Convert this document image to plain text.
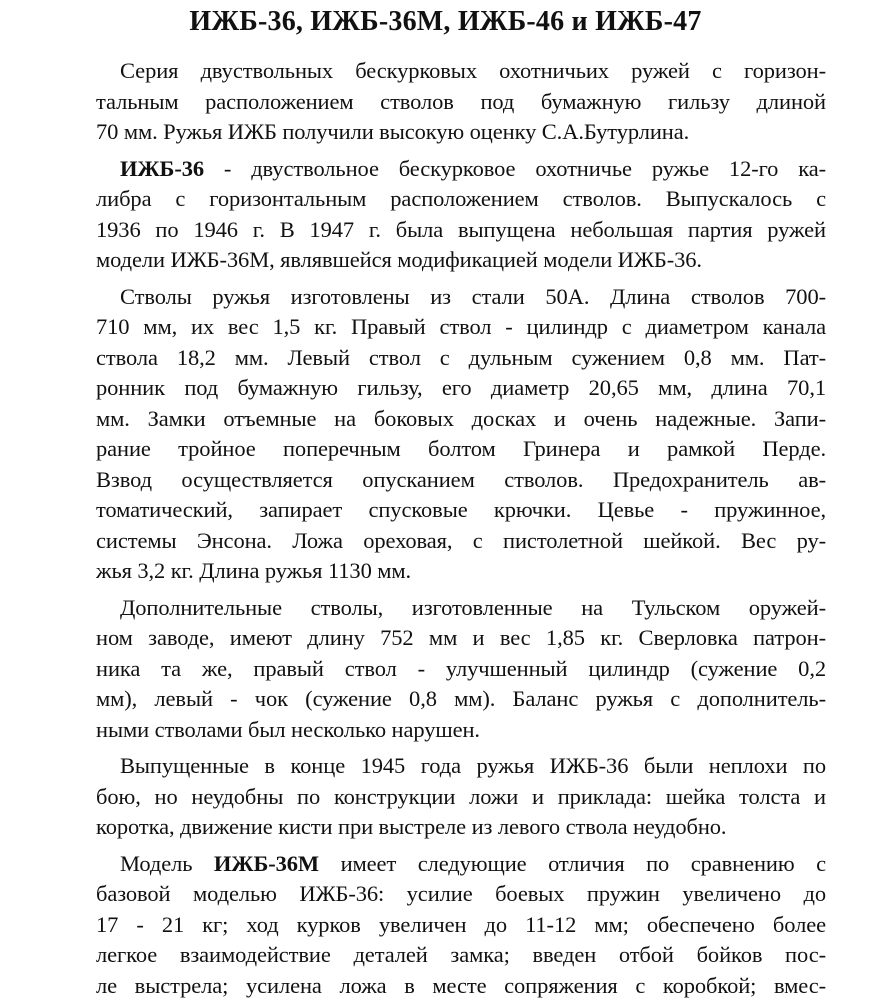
ИЖБ-36, ИЖБ-36М, ИЖБ-46 и ИЖБ-47
Серия двуствольных бескурковых охотничьих ружей с горизон-
тальным расположением стволов под бумажную гильзу длиной
70 мм. Ружья ИЖБ получили высокую оценку С.А.Бутурлина.
ИЖБ-36 - двуствольное бескурковое охотничье ружье 12-го ка-
либра с горизонтальным расположением стволов. Выпускалось с
1936 по 1946 г. В 1947 г. была выпущена небольшая партия ружей
модели ИЖБ-36М, являвшейся модификацией модели ИЖБ-36.
Стволы ружья изготовлены из стали 50А. Длина стволов 700-
710 мм, их вес 1,5 кг. Правый ствол - цилиндр с диаметром канала
ствола 18,2 мм. Левый ствол с дульным сужением 0,8 мм. Пат-
ронник под бумажную гильзу, его диаметр 20,65 мм, длина 70,1
мм. Замки отъемные на боковых досках и очень надежные. Запи-
рание тройное поперечным болтом Гринера и рамкой Перде.
Взвод осуществляется опусканием стволов. Предохранитель ав-
томатический, запирает спусковые крючки. Цевье - пружинное,
системы Энсона. Ложа ореховая, с пистолетной шейкой. Вес ру-
жья 3,2 кг. Длина ружья 1130 мм.
Дополнительные стволы, изготовленные на Тульском оружей-
ном заводе, имеют длину 752 мм и вес 1,85 кг. Сверловка патрон-
ника та же, правый ствол - улучшенный цилиндр (сужение 0,2
мм), левый - чок (сужение 0,8 мм). Баланс ружья с дополнитель-
ными стволами был несколько нарушен.
Выпущенные в конце 1945 года ружья ИЖБ-36 были неплохи по
бою, но неудобны по конструкции ложи и приклада: шейка толста и
коротка, движение кисти при выстреле из левого ствола неудобно.
Модель ИЖБ-36М имеет следующие отличия по сравнению с
базовой моделью ИЖБ-36: усилие боевых пружин увеличено до
17 - 21 кг; ход курков увеличен до 11-12 мм; обеспечено более
легкое взаимодействие деталей замка; введен отбой бойков пос-
ле выстрела; усилена ложа в месте сопряжения с коробкой; вмес-
